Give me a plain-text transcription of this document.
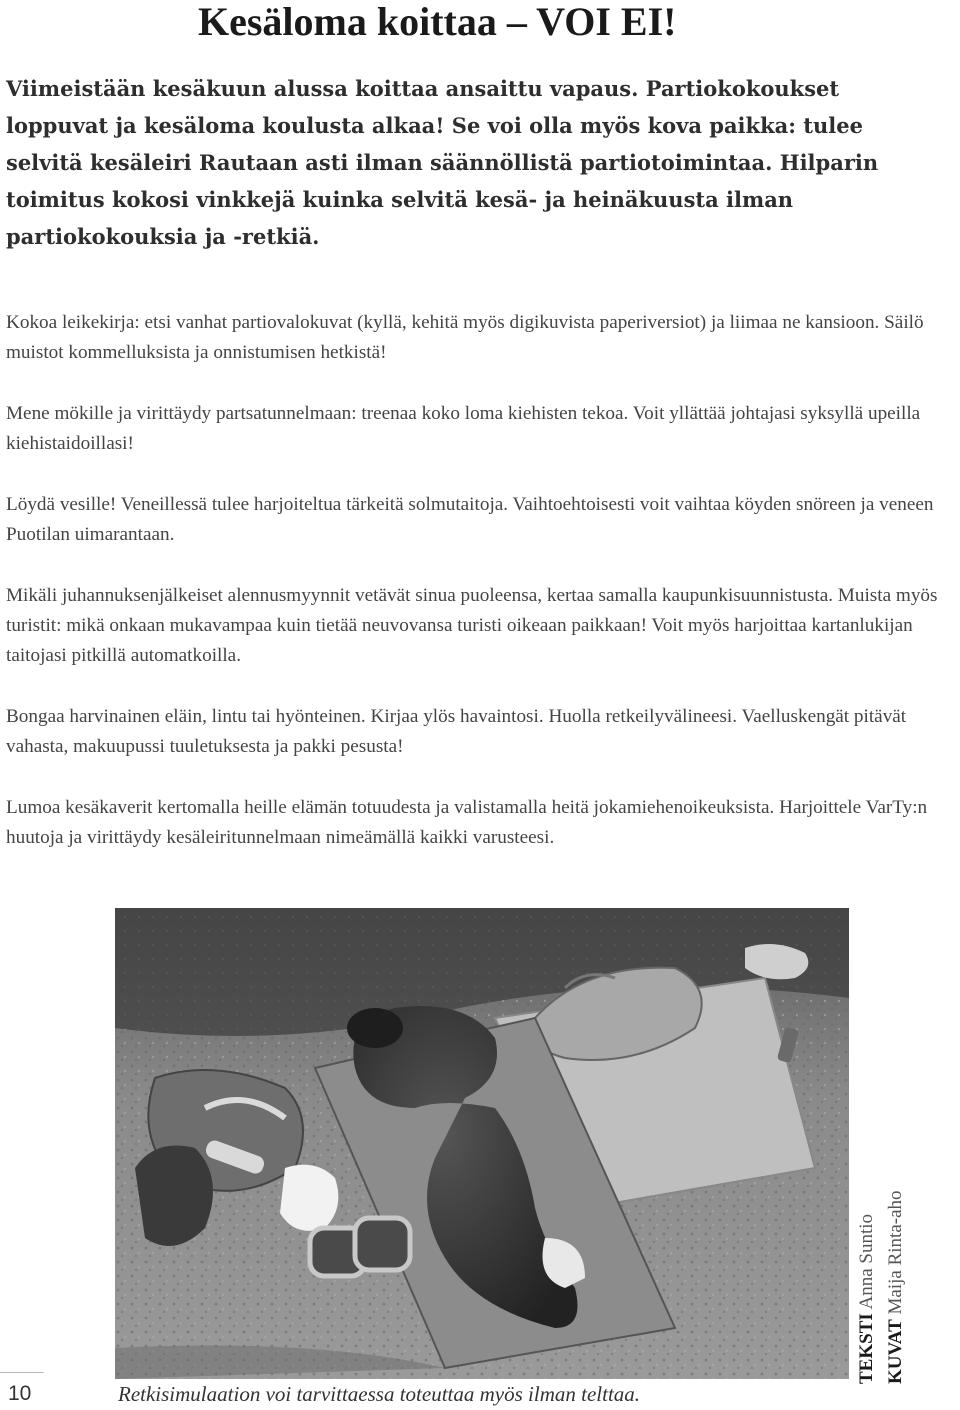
Kesäloma koittaa – VOI EI!

Viimeistään kesäkuun alussa koittaa ansaittu vapaus. Partiokokoukset loppuvat ja kesäloma koulusta alkaa! Se voi olla myös kova paikka: tulee selvitä kesäleiri Rautaan asti ilman säännöllistä partiotoimintaa. Hilparin toimitus kokosi vinkkejä kuinka selvitä kesä- ja heinäkuusta ilman partiokokouksia ja -retkiä.

Kokoa leikekirja: etsi vanhat partiovalokuvat (kyllä, kehitä myös digikuvista paperiversiot) ja liimaa ne kansioon. Säilö muistot kommelluksista ja onnistumisen hetkistä!

Mene mökille ja virittäydy partsatunnelmaan: treenaa koko loma kiehisten tekoa. Voit yllättää johtajasi syksyllä upeilla kiehistaidoillasi!

Löydä vesille! Veneillessä tulee harjoiteltua tärkeitä solmutaitoja. Vaihtoehtoisesti voit vaihtaa köyden snöreen ja veneen Puotilan uimarantaan.

Mikäli juhannuksenjälkeiset alennusmyynnit vetävät sinua puoleensa, kertaa samalla kaupunkisuunnistusta. Muista myös turistit: mikä onkaan mukavampaa kuin tietää neuvovansa turisti oikeaan paikkaan! Voit myös harjoittaa kartanlukijan taitojasi pitkillä automatkoilla.

Bongaa harvinainen eläin, lintu tai hyönteinen. Kirjaa ylös havaintosi. Huolla retkeilyvälineesi. Vaelluskengät pitävät vahasta, makuupussi tuuletuksesta ja pakki pesusta!

Lumoa kesäkaverit kertomalla heille elämän totuudesta ja valistamalla heitä jokamiehenoikeuksista. Harjoittele VarTy:n huutoja ja virittäydy kesäleiritunnelmaan nimeämällä kaikki varusteesi.

TEKSTI Anna Suntio
KUVAT Maija Rinta-aho

10	Retkisimulaation voi tarvittaessa toteuttaa myös ilman telttaa.
